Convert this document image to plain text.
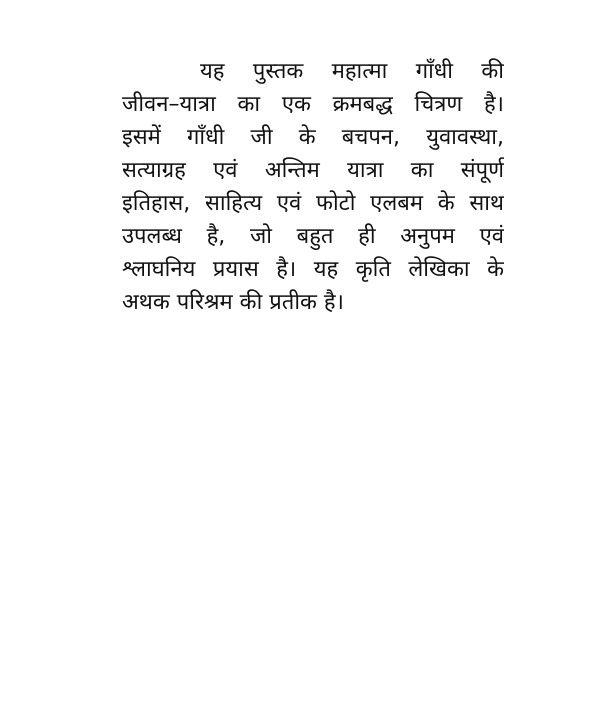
यह पुस्तक महात्मा गाँधी की
जीवन–यात्रा का एक क्रमबद्ध चित्रण है।
इसमें गाँधी जी के बचपन, युवावस्था,
सत्याग्रह एवं अन्तिम यात्रा का संपूर्ण
इतिहास, साहित्य एवं फोटो एलबम के साथ
उपलब्ध है, जो बहुत ही अनुपम एवं
श्लाघनिय प्रयास है। यह कृति लेखिका के
अथक परिश्रम की प्रतीक है।
